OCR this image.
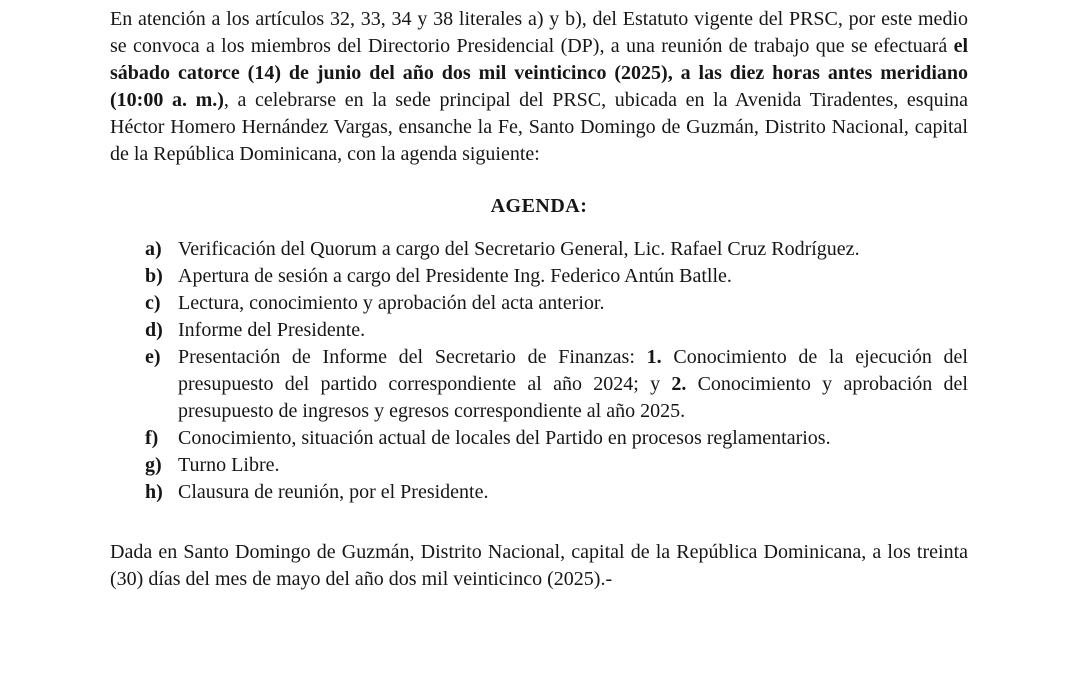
En atención a los artículos 32, 33, 34 y 38 literales a) y b), del Estatuto vigente del PRSC, por este medio se convoca a los miembros del Directorio Presidencial (DP), a una reunión de trabajo que se efectuará el sábado catorce (14) de junio del año dos mil veinticinco (2025), a las diez horas antes meridiano (10:00 a. m.), a celebrarse en la sede principal del PRSC, ubicada en la Avenida Tiradentes, esquina Héctor Homero Hernández Vargas, ensanche la Fe, Santo Domingo de Guzmán, Distrito Nacional, capital de la República Dominicana, con la agenda siguiente:

AGENDA:
a) Verificación del Quorum a cargo del Secretario General, Lic. Rafael Cruz Rodríguez.
b) Apertura de sesión a cargo del Presidente Ing. Federico Antún Batlle.
c) Lectura, conocimiento y aprobación del acta anterior.
d) Informe del Presidente.
e) Presentación de Informe del Secretario de Finanzas: 1. Conocimiento de la ejecución del presupuesto del partido correspondiente al año 2024; y 2. Conocimiento y aprobación del presupuesto de ingresos y egresos correspondiente al año 2025.
f) Conocimiento, situación actual de locales del Partido en procesos reglamentarios.
g) Turno Libre.
h) Clausura de reunión, por el Presidente.

Dada en Santo Domingo de Guzmán, Distrito Nacional, capital de la República Dominicana, a los treinta (30) días del mes de mayo del año dos mil veinticinco (2025).-
